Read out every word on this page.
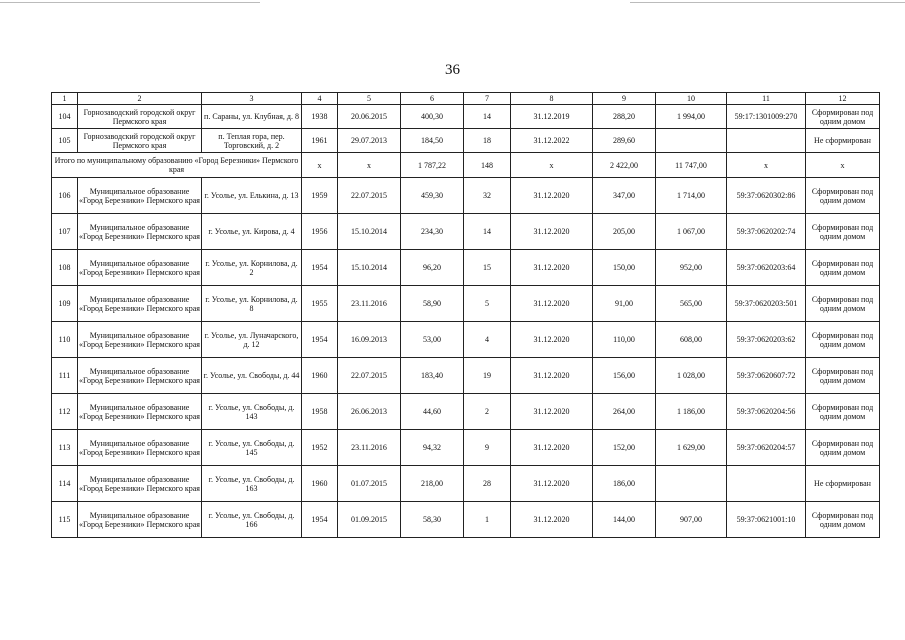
36
1	2	3	4	5	6	7	8	9	10	11	12
104	Горнозаводский городской округ Пермского края	п. Сараны, ул. Клубная, д. 8	1938	20.06.2015	400,30	14	31.12.2019	288,20	1 994,00	59:17:1301009:270	Сформирован под одним домом
105	Горнозаводский городской округ Пермского края	п. Теплая гора, пер. Торговский, д. 2	1961	29.07.2013	184,50	18	31.12.2022	289,60			Не сформирован
Итого по муниципальному образованию «Город Березники» Пермского края			х	х	1 787,22	148	х	2 422,00	11 747,00	х	х
106	Муниципальное образование «Город Березники» Пермского края	г. Усолье, ул. Елькина, д. 13	1959	22.07.2015	459,30	32	31.12.2020	347,00	1 714,00	59:37:0620302:86	Сформирован под одним домом
107	Муниципальное образование «Город Березники» Пермского края	г. Усолье, ул. Кирова, д. 4	1956	15.10.2014	234,30	14	31.12.2020	205,00	1 067,00	59:37:0620202:74	Сформирован под одним домом
108	Муниципальное образование «Город Березники» Пермского края	г. Усолье, ул. Корнилова, д. 2	1954	15.10.2014	96,20	15	31.12.2020	150,00	952,00	59:37:0620203:64	Сформирован под одним домом
109	Муниципальное образование «Город Березники» Пермского края	г. Усолье, ул. Корнилова, д. 8	1955	23.11.2016	58,90	5	31.12.2020	91,00	565,00	59:37:0620203:501	Сформирован под одним домом
110	Муниципальное образование «Город Березники» Пермского края	г. Усолье, ул. Луначарского, д. 12	1954	16.09.2013	53,00	4	31.12.2020	110,00	608,00	59:37:0620203:62	Сформирован под одним домом
111	Муниципальное образование «Город Березники» Пермского края	г. Усолье, ул. Свободы, д. 44	1960	22.07.2015	183,40	19	31.12.2020	156,00	1 028,00	59:37:0620607:72	Сформирован под одним домом
112	Муниципальное образование «Город Березники» Пермского края	г. Усолье, ул. Свободы, д. 143	1958	26.06.2013	44,60	2	31.12.2020	264,00	1 186,00	59:37:0620204:56	Сформирован под одним домом
113	Муниципальное образование «Город Березники» Пермского края	г. Усолье, ул. Свободы, д. 145	1952	23.11.2016	94,32	9	31.12.2020	152,00	1 629,00	59:37:0620204:57	Сформирован под одним домом
114	Муниципальное образование «Город Березники» Пермского края	г. Усолье, ул. Свободы, д. 163	1960	01.07.2015	218,00	28	31.12.2020	186,00			Не сформирован
115	Муниципальное образование «Город Березники» Пермского края	г. Усолье, ул. Свободы, д. 166	1954	01.09.2015	58,30	1	31.12.2020	144,00	907,00	59:37:0621001:10	Сформирован под одним домом
